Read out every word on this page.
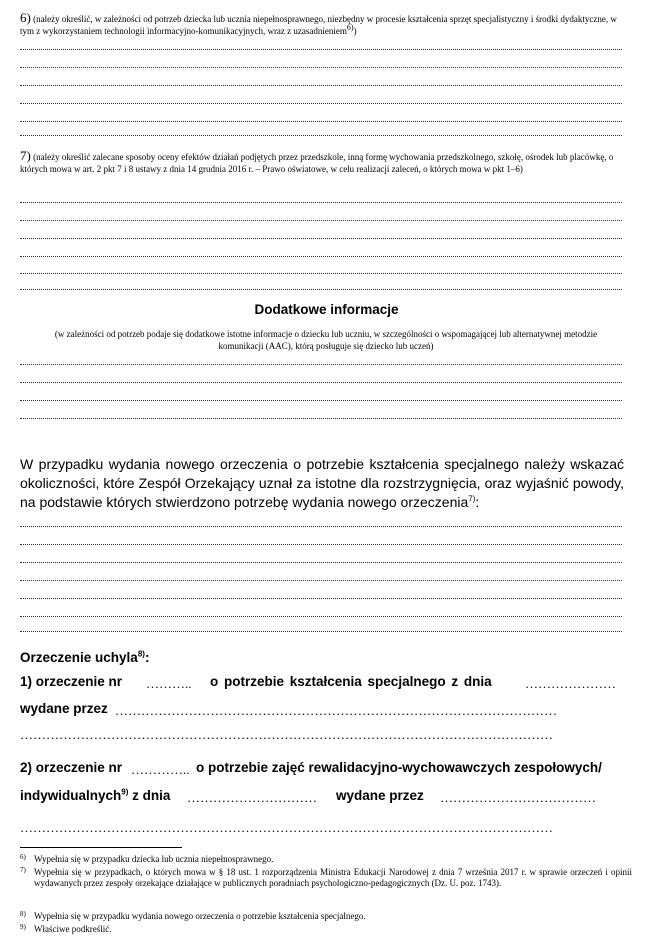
6) (należy określić, w zależności od potrzeb dziecka lub ucznia niepełnosprawnego, niezbędny w procesie kształcenia sprzęt specjalistyczny i środki dydaktyczne, w tym z wykorzystaniem technologii informacyjno-komunikacyjnych, wraz z uzasadnieniem$^{6)}$)
7) (należy określić zalecane sposoby oceny efektów działań podjętych przez przedszkole, inną formę wychowania przedszkolnego, szkołę, ośrodek lub placówkę, o których mowa w art. 2 pkt 7 i 8 ustawy z dnia 14 grudnia 2016 r. – Prawo oświatowe, w celu realizacji zaleceń, o których mowa w pkt 1–6)
Dodatkowe informacje
(w zależności od potrzeb podaje się dodatkowe istotne informacje o dziecku lub uczniu, w szczególności o wspomagającej lub alternatywnej metodzie komunikacji (AAC), którą posługuje się dziecko lub uczeń)
W przypadku wydania nowego orzeczenia o potrzebie kształcenia specjalnego należy wskazać okoliczności, które Zespół Orzekający uznał za istotne dla rozstrzygnięcia, oraz wyjaśnić powody, na podstawie których stwierdzono potrzebę wydania nowego orzeczenia$^{7)}$:
Orzeczenie uchyla$^{8)}$:
1) orzeczenie nr ……….. o potrzebie kształcenia specjalnego z dnia	…………………
wydane przez …………………………………………………………………………………………
……………………………………………………………………………………………………………
2) orzeczenie nr ………….. o potrzebie zajęć rewalidacyjno-wychowawczych zespołowych/
indywidualnych$^{9)}$ z dnia ………………………… wydane przez ………………………………
……………………………………………………………………………………………………………
6) Wypełnia się w przypadku dziecka lub ucznia niepełnosprawnego.
7) Wypełnia się w przypadkach, o których mowa w § 18 ust. 1 rozporządzenia Ministra Edukacji Narodowej z dnia 7 września 2017 r. w sprawie orzeczeń i opinii wydawanych przez zespoły orzekające działające w publicznych poradniach psychologiczno-pedagogicznych (Dz. U. poz. 1743).
8) Wypełnia się w przypadku wydania nowego orzeczenia o potrzebie kształcenia specjalnego.
9) Właściwe podkreślić.
